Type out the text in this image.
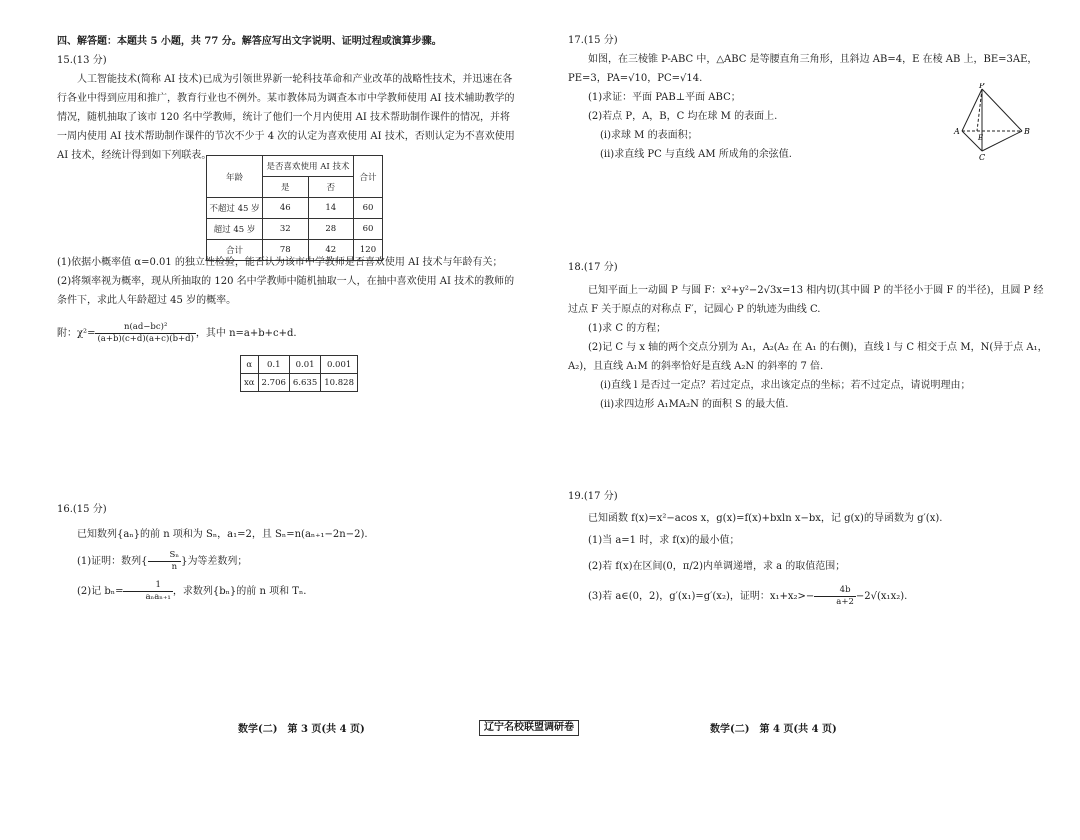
四、解答题：本题共 5 小题，共 77 分。解答应写出文字说明、证明过程或演算步骤。

15.(13 分)

人工智能技术(简称 AI 技术)已成为引领世界新一轮科技革命和产业改革的战略性技术，并迅速在各行各业中得到应用和推广，教育行业也不例外。某市教体局为调查本市中学教师使用 AI 技术辅助教学的情况，随机抽取了该市 120 名中学教师，统计了他们一个月内使用 AI 技术帮助制作课件的情况，并将一周内使用 AI 技术帮助制作课件的节次不少于 4 次的认定为喜欢使用 AI 技术，否则认定为不喜欢使用 AI 技术，经统计得到如下列联表。

年龄	是否喜欢使用 AI 技术		合计
	是	否	
不超过 45 岁	46	14	60
超过 45 岁	32	28	60
合计	78	42	120

(1)依据小概率值 α=0.01 的独立性检验，能否认为该市中学教师是否喜欢使用 AI 技术与年龄有关；

(2)将频率视为概率，现从所抽取的 120 名中学教师中随机抽取一人，在抽中喜欢使用 AI 技术的教师的条件下，求此人年龄超过 45 岁的概率。

附：$\chi^2= \frac{\text{n(ad−bc)²}}{(a+b)(c+d)(a+c)(b+d)}$ ，其中 n=a+b+c+d.
α	0.1	0.01	0.001
xα	2.706	6.635	10.828

16.(15 分)

已知数列{aₙ}的前 n 项和为 Sₙ，a₁=2，且 Sₙ=n(aₙ₊₁−2n−2).

(1)证明：数列{ $\frac{\text{Sₙ}}{n}$ }为等差数列；

(2)记 $b_n= \frac{1}{\text{aₙaₙ₊₁}}$ ，求数列{bₙ}的前 n 项和 Tₙ.

数学(二)　第 3 页(共 4 页)	辽宁名校联盟调研卷

17.(15 分)

如图，在三棱锥 P-ABC 中，△ABC 是等腰直角三角形，且斜边 AB=4，E 在棱 AB 上，BE=3AE，PE=3，PA=√10，PC=√14.

(1)求证：平面 PAB⊥平面 ABC；

(2)若点 P，A，B，C 均在球 M 的表面上.

(i)求球 M 的表面积；

(ii)求直线 PC 与直线 AM 所成角的余弦值.

P
A	B
C
E

18.(17 分)

已知平面上一动圆 P 与圆 F：x²+y²−2√3x=13 相内切(其中圆 P 的半径小于圆 F 的半径)，且圆 P 经过点 F 关于原点的对称点 F′，记圆心 P 的轨迹为曲线 C.

(1)求 C 的方程；

(2)记 C 与 x 轴的两个交点分别为 A₁，A₂(A₂ 在 A₁ 的右侧)，直线 l 与 C 相交于点 M，N(异于点 A₁，A₂)，且直线 A₁M 的斜率恰好是直线 A₂N 的斜率的 7 倍.

(i)直线 l 是否过一定点？若过定点，求出该定点的坐标；若不过定点，请说明理由；

(ii)求四边形 A₁MA₂N 的面积 S 的最大值.

19.(17 分)

已知函数 f(x)=x²−acos x，g(x)=f(x)+bxln x−bx，记 g(x)的导函数为 g′(x).

(1)当 a=1 时，求 f(x)的最小值；

(2)若 f(x)在区间(0，π/2)内单调递增，求 a 的取值范围；

(3)若 a∈(0，2)，g′(x₁)=g′(x₂)，证明：$x_1+x_2>- \frac{4b}{a+2} -2√(x_1x_2)$.

数学(二)　第 4 页(共 4 页)
